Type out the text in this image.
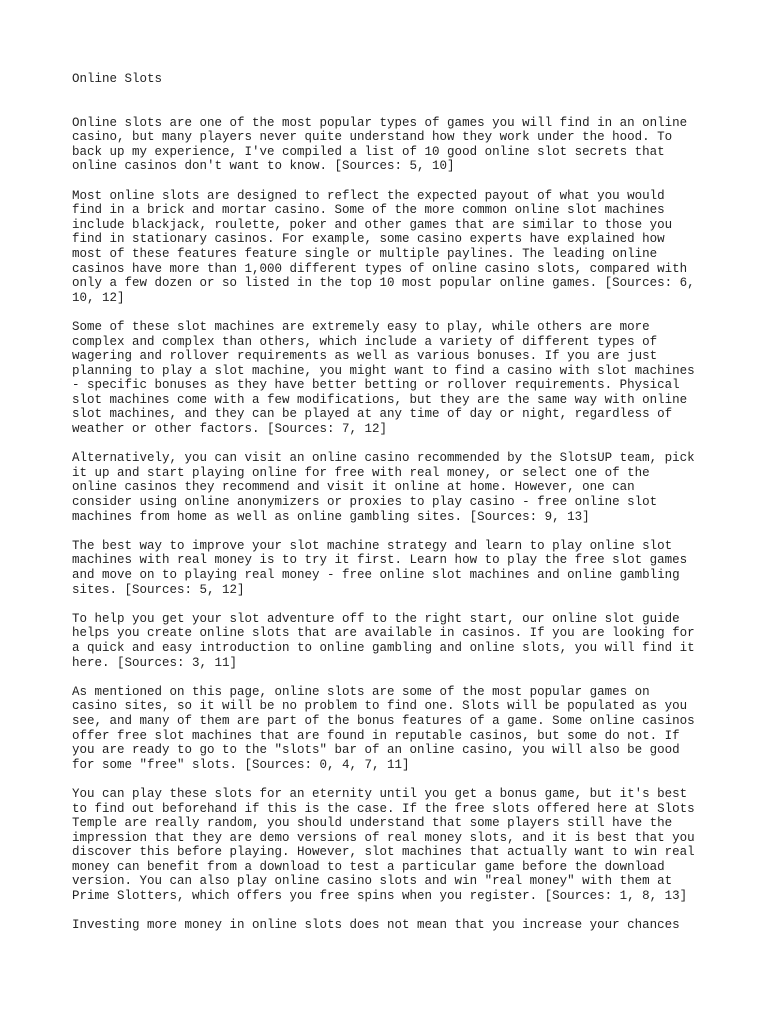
Online Slots
Online slots are one of the most popular types of games you will find in an online
casino, but many players never quite understand how they work under the hood. To
back up my experience, I've compiled a list of 10 good online slot secrets that
online casinos don't want to know. [Sources: 5, 10]
Most online slots are designed to reflect the expected payout of what you would
find in a brick and mortar casino. Some of the more common online slot machines
include blackjack, roulette, poker and other games that are similar to those you
find in stationary casinos. For example, some casino experts have explained how
most of these features feature single or multiple paylines. The leading online
casinos have more than 1,000 different types of online casino slots, compared with
only a few dozen or so listed in the top 10 most popular online games. [Sources: 6,
10, 12]
Some of these slot machines are extremely easy to play, while others are more
complex and complex than others, which include a variety of different types of
wagering and rollover requirements as well as various bonuses. If you are just
planning to play a slot machine, you might want to find a casino with slot machines
- specific bonuses as they have better betting or rollover requirements. Physical
slot machines come with a few modifications, but they are the same way with online
slot machines, and they can be played at any time of day or night, regardless of
weather or other factors. [Sources: 7, 12]
Alternatively, you can visit an online casino recommended by the SlotsUP team, pick
it up and start playing online for free with real money, or select one of the
online casinos they recommend and visit it online at home. However, one can
consider using online anonymizers or proxies to play casino - free online slot
machines from home as well as online gambling sites. [Sources: 9, 13]
The best way to improve your slot machine strategy and learn to play online slot
machines with real money is to try it first. Learn how to play the free slot games
and move on to playing real money - free online slot machines and online gambling
sites. [Sources: 5, 12]
To help you get your slot adventure off to the right start, our online slot guide
helps you create online slots that are available in casinos. If you are looking for
a quick and easy introduction to online gambling and online slots, you will find it
here. [Sources: 3, 11]
As mentioned on this page, online slots are some of the most popular games on
casino sites, so it will be no problem to find one. Slots will be populated as you
see, and many of them are part of the bonus features of a game. Some online casinos
offer free slot machines that are found in reputable casinos, but some do not. If
you are ready to go to the "slots" bar of an online casino, you will also be good
for some "free" slots. [Sources: 0, 4, 7, 11]
You can play these slots for an eternity until you get a bonus game, but it's best
to find out beforehand if this is the case. If the free slots offered here at Slots
Temple are really random, you should understand that some players still have the
impression that they are demo versions of real money slots, and it is best that you
discover this before playing. However, slot machines that actually want to win real
money can benefit from a download to test a particular game before the download
version. You can also play online casino slots and win "real money" with them at
Prime Slotters, which offers you free spins when you register. [Sources: 1, 8, 13]
Investing more money in online slots does not mean that you increase your chances
